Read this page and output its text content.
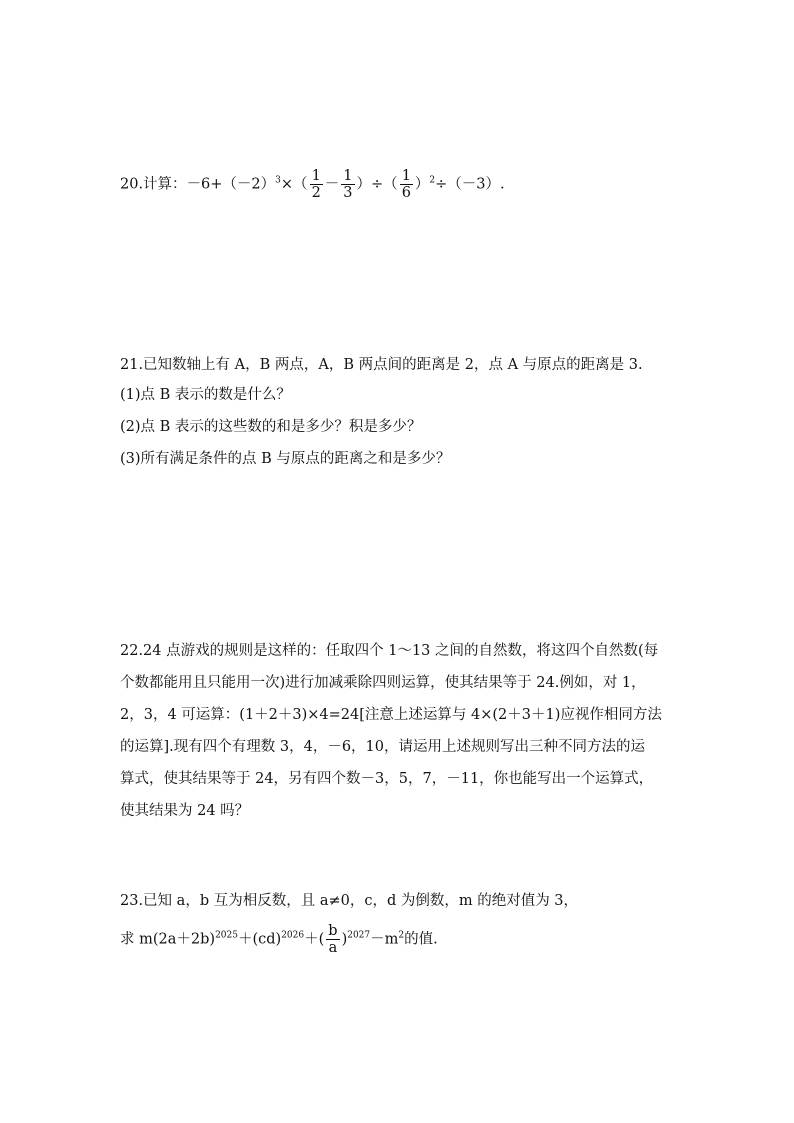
20.计算：$-6+(-2)^3\times( \frac{1}{2} - \frac{1}{3}$ ）÷（ $\frac{1}{6} )^2\div(-3)$.
21.已知数轴上有 A，B 两点，A，B 两点间的距离是 2，点 A 与原点的距离是 3.
(1)点 B 表示的数是什么？
(2)点 B 表示的这些数的和是多少？积是多少？
(3)所有满足条件的点 B 与原点的距离之和是多少？
22.24 点游戏的规则是这样的：任取四个 1～13 之间的自然数，将这四个自然数(每
个数都能用且只能用一次)进行加减乘除四则运算，使其结果等于 24.例如，对 1，
2，3，4 可运算：(1＋2＋3)×4=24[注意上述运算与 4×(2＋3＋1)应视作相同方法
的运算].现有四个有理数 3，4，－6，10，请运用上述规则写出三种不同方法的运
算式，使其结果等于 24，另有四个数－3，5，7，－11，你也能写出一个运算式，
使其结果为 24 吗？
23.已知 a，b 互为相反数，且 a≠0，c，d 为倒数，m 的绝对值为 3，
求 $m(2a+2b)^{2025}+(cd)^{2026}+( \frac{b}{a} )^{2027}-m^2$的值.
